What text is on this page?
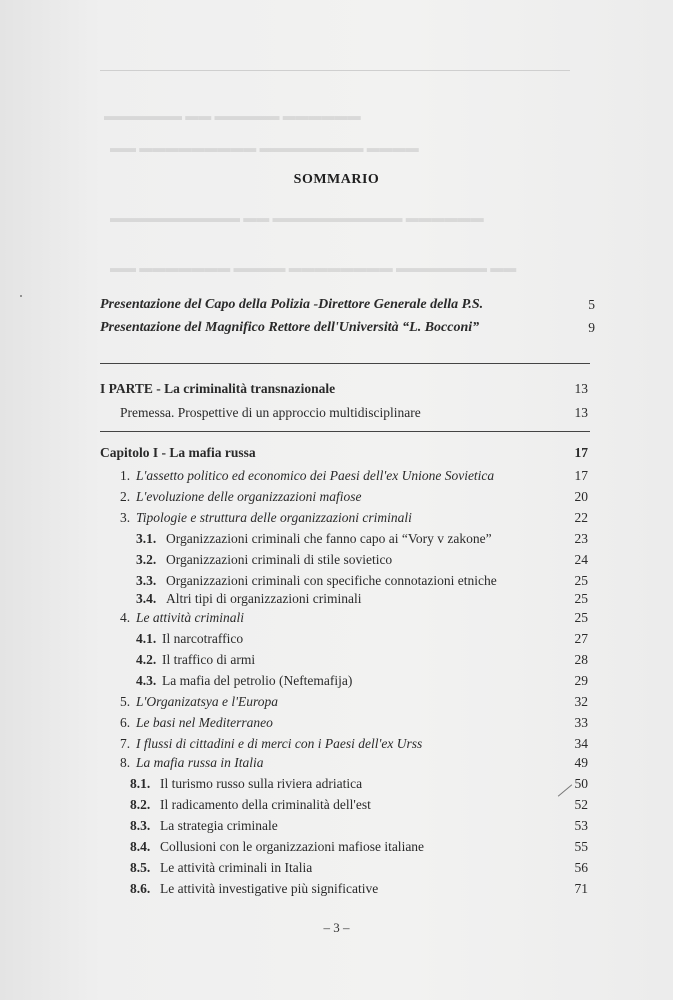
▬▬▬▬▬▬ ▬▬ ▬▬▬▬▬ ▬▬▬▬▬▬
▬▬ ▬▬▬▬▬▬▬▬▬ ▬▬▬▬▬▬▬▬ ▬▬▬▬
▬▬▬▬▬▬▬▬▬▬ ▬▬ ▬▬▬▬▬▬▬▬▬▬ ▬▬▬▬▬▬
▬▬ ▬▬▬▬▬▬▬ ▬▬▬▬ ▬▬▬▬▬▬▬▬ ▬▬▬▬▬▬▬ ▬▬
SOMMARIO
Presentazione del Capo della Polizia -Direttore Generale della P.S.	5
Presentazione del Magnifico Rettore dell'Università “L. Bocconi”	9
I PARTE - La criminalità transnazionale	13
Premessa. Prospettive di un approccio multidisciplinare	13
Capitolo I - La mafia russa	17
1. L'assetto politico ed economico dei Paesi dell'ex Unione Sovietica	17
2. L'evoluzione delle organizzazioni mafiose	20
3. Tipologie e struttura delle organizzazioni criminali	22
3.1. Organizzazioni criminali che fanno capo ai “Vory v zakone”	23
3.2. Organizzazioni criminali di stile sovietico	24
3.3. Organizzazioni criminali con specifiche connotazioni etniche	25
3.4. Altri tipi di organizzazioni criminali	25
4. Le attività criminali	25
4.1. Il narcotraffico	27
4.2. Il traffico di armi	28
4.3. La mafia del petrolio (Neftemafija)	29
5. L'Organizatsya e l'Europa	32
6. Le basi nel Mediterraneo	33
7. I flussi di cittadini e di merci con i Paesi dell'ex Urss	34
8. La mafia russa in Italia	49
8.1. Il turismo russo sulla riviera adriatica	50
8.2. Il radicamento della criminalità dell'est	52
8.3. La strategia criminale	53
8.4. Collusioni con le organizzazioni mafiose italiane	55
8.5. Le attività criminali in Italia	56
8.6. Le attività investigative più significative	71
– 3 –
